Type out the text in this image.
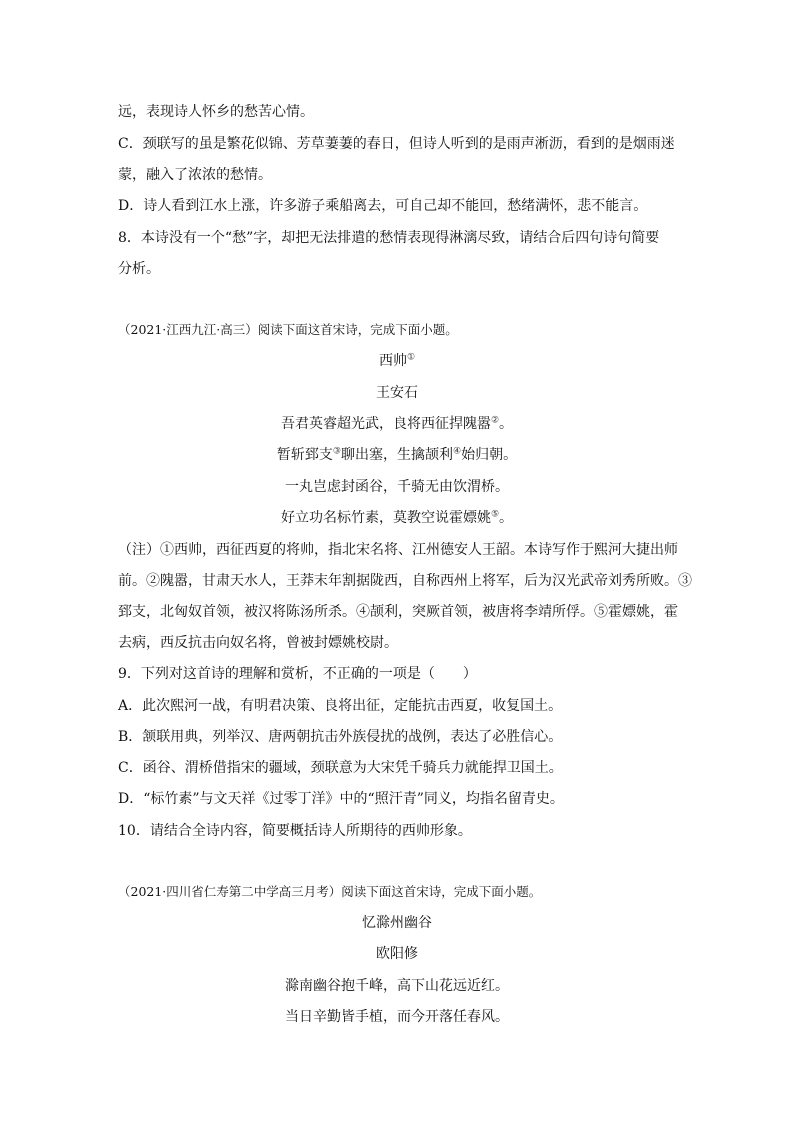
远，表现诗人怀乡的愁苦心情。
C．颈联写的虽是繁花似锦、芳草萋萋的春日，但诗人听到的是雨声淅沥，看到的是烟雨迷
蒙，融入了浓浓的愁情。
D．诗人看到江水上涨，许多游子乘船离去，可自己却不能回，愁绪满怀，悲不能言。
8．本诗没有一个“愁”字，却把无法排遣的愁情表现得淋漓尽致，请结合后四句诗句简要
分析。
（2021·江西九江·高三）阅读下面这首宋诗，完成下面小题。
西帅①
王安石
吾君英睿超光武，良将西征捍隗嚣②。
暂斩郅支③聊出塞，生擒颉利④始归朝。
一丸岂虑封函谷，千骑无由饮渭桥。
好立功名标竹素，莫教空说霍嫖姚⑤。
（注）①西帅，西征西夏的将帅，指北宋名将、江州德安人王韶。本诗写作于熙河大捷出师
前。②隗嚣，甘肃天水人，王莽末年割据陇西，自称西州上将军，后为汉光武帝刘秀所败。③
郅支，北匈奴首领，被汉将陈汤所杀。④颉利，突厥首领，被唐将李靖所俘。⑤霍嫖姚，霍
去病，西反抗击向奴名将，曾被封嫖姚校尉。
9．下列对这首诗的理解和赏析，不正确的一项是（　　）
A．此次熙河一战，有明君决策、良将出征，定能抗击西夏，收复国土。
B．颔联用典，列举汉、唐两朝抗击外族侵扰的战例，表达了必胜信心。
C．函谷、渭桥借指宋的疆域，颈联意为大宋凭千骑兵力就能捍卫国土。
D．“标竹素”与文天祥《过零丁洋》中的“照汗青”同义，均指名留青史。
10．请结合全诗内容，简要概括诗人所期待的西帅形象。
（2021·四川省仁寿第二中学高三月考）阅读下面这首宋诗，完成下面小题。
忆滁州幽谷
欧阳修
滁南幽谷抱千峰，高下山花远近红。
当日辛勤皆手植，而今开落任春风。
